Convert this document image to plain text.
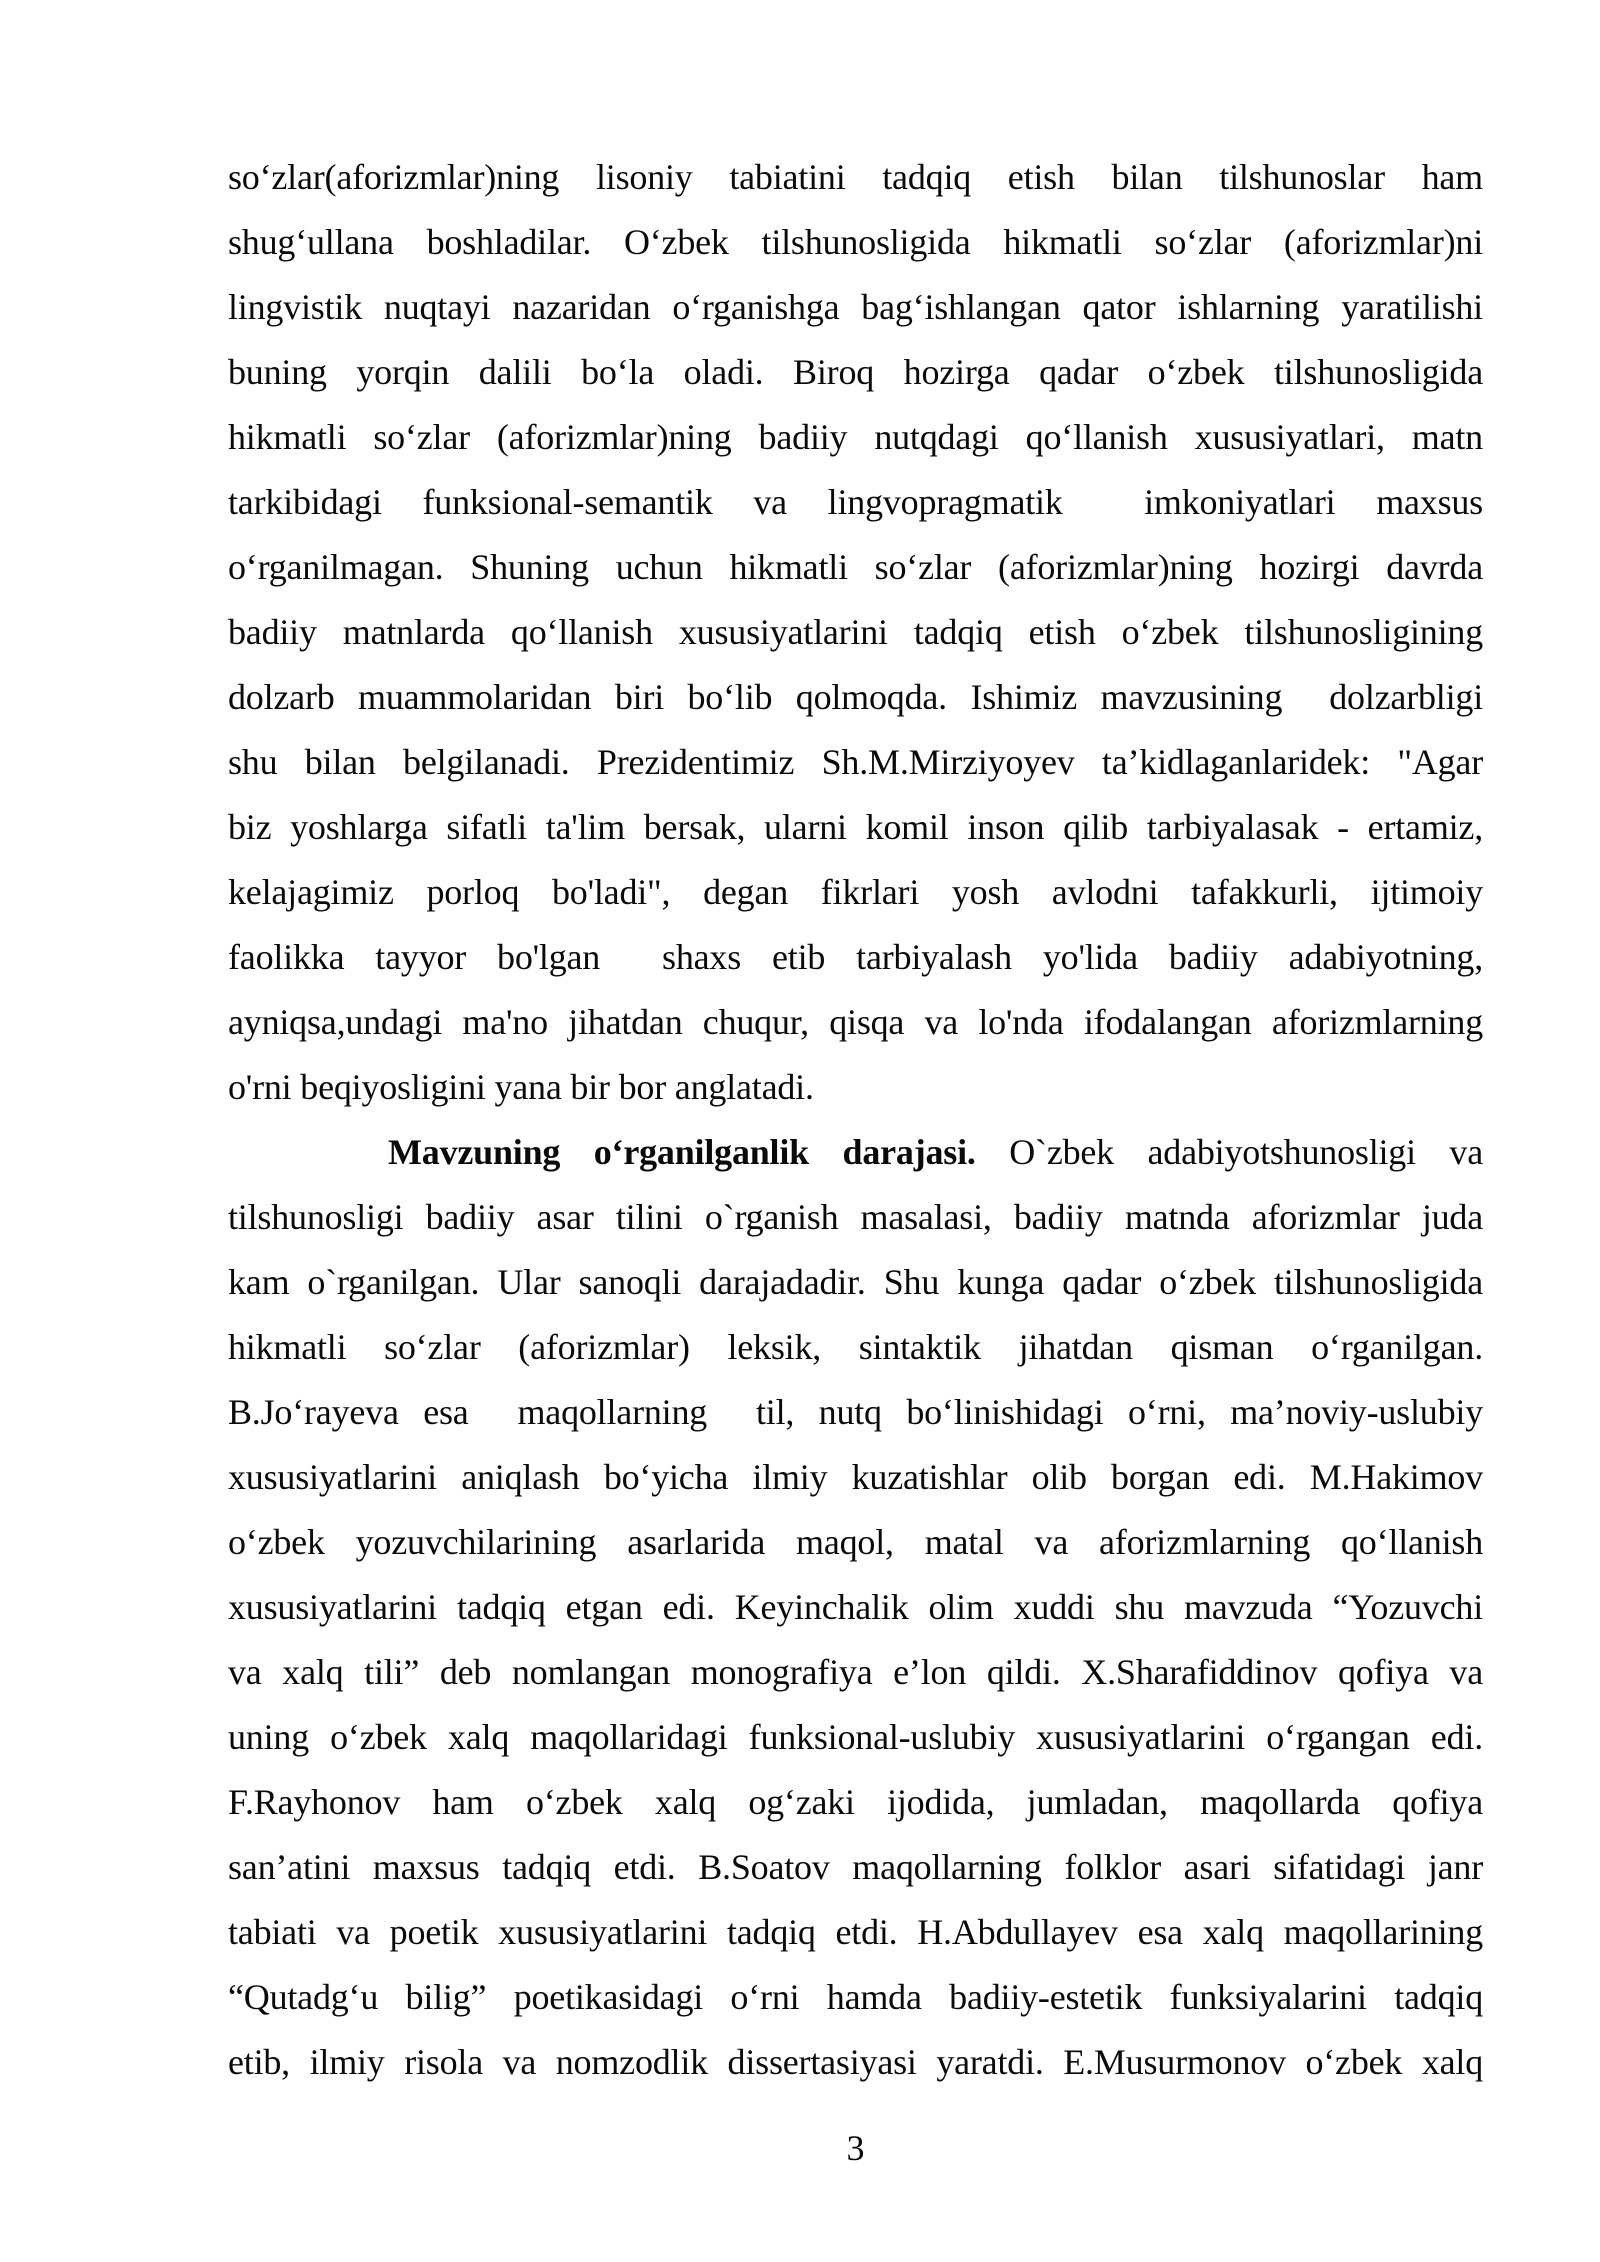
so‘zlar(aforizmlar)ning lisoniy tabiatini tadqiq etish bilan tilshunoslar ham
shug‘ullana boshladilar. O‘zbek tilshunosligida hikmatli so‘zlar (aforizmlar)ni
lingvistik nuqtayi nazaridan o‘rganishga bag‘ishlangan qator ishlarning yaratilishi
buning yorqin dalili bo‘la oladi. Biroq hozirga qadar o‘zbek tilshunosligida
hikmatli so‘zlar (aforizmlar)ning badiiy nutqdagi qo‘llanish xususiyatlari, matn
tarkibidagi funksional-semantik va lingvopragmatik  imkoniyatlari maxsus
o‘rganilmagan. Shuning uchun hikmatli so‘zlar (aforizmlar)ning hozirgi davrda
badiiy matnlarda qo‘llanish xususiyatlarini tadqiq etish o‘zbek tilshunosligining
dolzarb muammolaridan biri bo‘lib qolmoqda. Ishimiz mavzusining  dolzarbligi
shu bilan belgilanadi. Prezidentimiz Sh.M.Mirziyoyev ta’kidlaganlaridek: "Agar
biz yoshlarga sifatli ta'lim bersak, ularni komil inson qilib tarbiyalasak - ertamiz,
kelajagimiz porloq bo'ladi", degan fikrlari yosh avlodni tafakkurli, ijtimoiy
faolikka tayyor bo'lgan  shaxs etib tarbiyalash yo'lida badiiy adabiyotning,
ayniqsa,undagi ma'no jihatdan chuqur, qisqa va lo'nda ifodalangan aforizmlarning
o'rni beqiyosligini yana bir bor anglatadi.
Mavzuning o‘rganilganlik darajasi. O`zbek adabiyotshunosligi va
tilshunosligi badiiy asar tilini o`rganish masalasi, badiiy matnda aforizmlar juda
kam o`rganilgan. Ular sanoqli darajadadir. Shu kunga qadar o‘zbek tilshunosligida
hikmatli so‘zlar (aforizmlar) leksik, sintaktik jihatdan qisman o‘rganilgan.
B.Jo‘rayeva esa  maqollarning  til, nutq bo‘linishidagi o‘rni, ma’noviy-uslubiy
xususiyatlarini aniqlash bo‘yicha ilmiy kuzatishlar olib borgan edi. M.Hakimov
o‘zbek yozuvchilarining asarlarida maqol, matal va aforizmlarning qo‘llanish
xususiyatlarini tadqiq etgan edi. Keyinchalik olim xuddi shu mavzuda “Yozuvchi
va xalq tili” deb nomlangan monografiya e’lon qildi. X.Sharafiddinov qofiya va
uning o‘zbek xalq maqollaridagi funksional-uslubiy xususiyatlarini o‘rgangan edi.
F.Rayhonov ham o‘zbek xalq og‘zaki ijodida, jumladan, maqollarda qofiya
san’atini maxsus tadqiq etdi. B.Soatov maqollarning folklor asari sifatidagi janr
tabiati va poetik xususiyatlarini tadqiq etdi. H.Abdullayev esa xalq maqollarining
“Qutadg‘u bilig” poetikasidagi o‘rni hamda badiiy-estetik funksiyalarini tadqiq
etib, ilmiy risola va nomzodlik dissertasiyasi yaratdi. E.Musurmonov o‘zbek xalq
3
